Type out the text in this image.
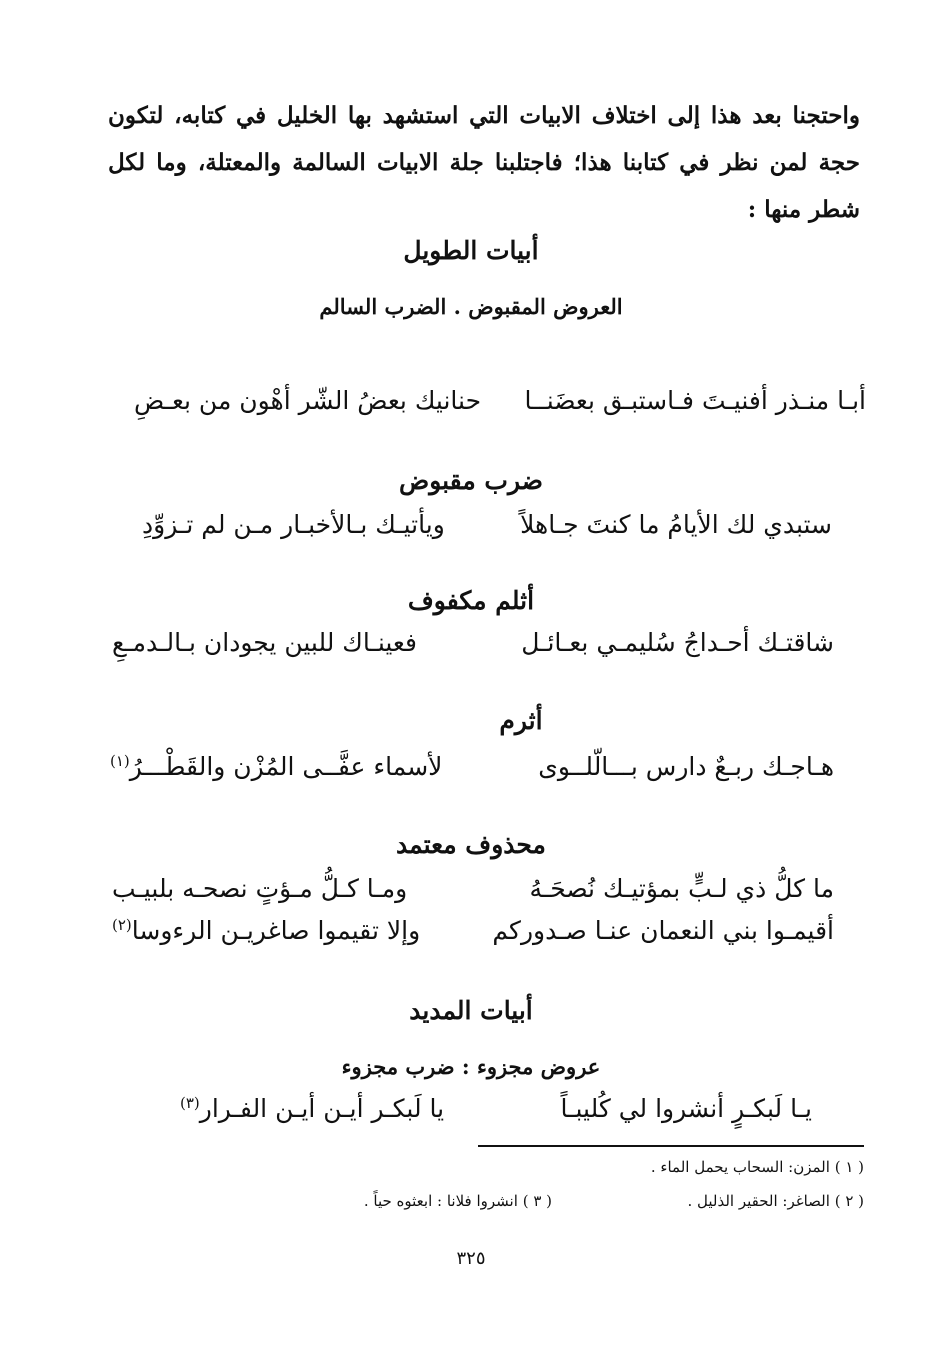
واحتجنا بعد هذا إلى اختلاف الابيات التي استشهد بها الخليل في كتابه، لتكون حجة لمن نظر في كتابنا هذا؛ فاجتلبنا جلة الابيات السالمة والمعتلة، وما لكل شطر منها :

أبيات الطويل
العروض المقبوض . الضرب السالم
أبـا منـذر أفنيـتَ فـاستبـق بعضَنــا
حنانيك بعضُ الشّر أهْون من بعـضِ
ضرب مقبوض
ستبدي لك الأيامُ ما كنتَ جـاهلاً
ويأتيـك بـالأخبـار مـن لم تـزوِّدِ
أثلم مكفوف
شاقتـك أحـداجُ سُليمـي بعـائـل
فعينـاك للبين يجودان بـالـدمـعِ
أثرم
هـاجـك ربـعٌ دارس بـــالّلــوى
لأسماء عفَّــى المُزْن والقَطْـــرُ(١)
محذوف معتمد
ما كلُّ ذي لـبٍّ بمؤتيـك نُصحَـهُ
ومـا كـلُّ مـؤتٍ نصحـه بلبيـب
أقيمـوا بني النعمان عنـا صـدوركم
وإلا تقيموا صاغريـن الرءوسا(٢)
أبيات المديد
عروض مجزوء : ضرب مجزوء
يـا لَبكـرٍ أنشروا لي كُليبـاً
يا لَبكـر أيـن أيـن الفـرار(٣)
( ١ ) المزن: السحاب يحمل الماء .
( ٢ ) الصاغر: الحقير الذليل .
( ٣ ) انشروا فلانا : ابعثوه حياً .
٣٢٥
